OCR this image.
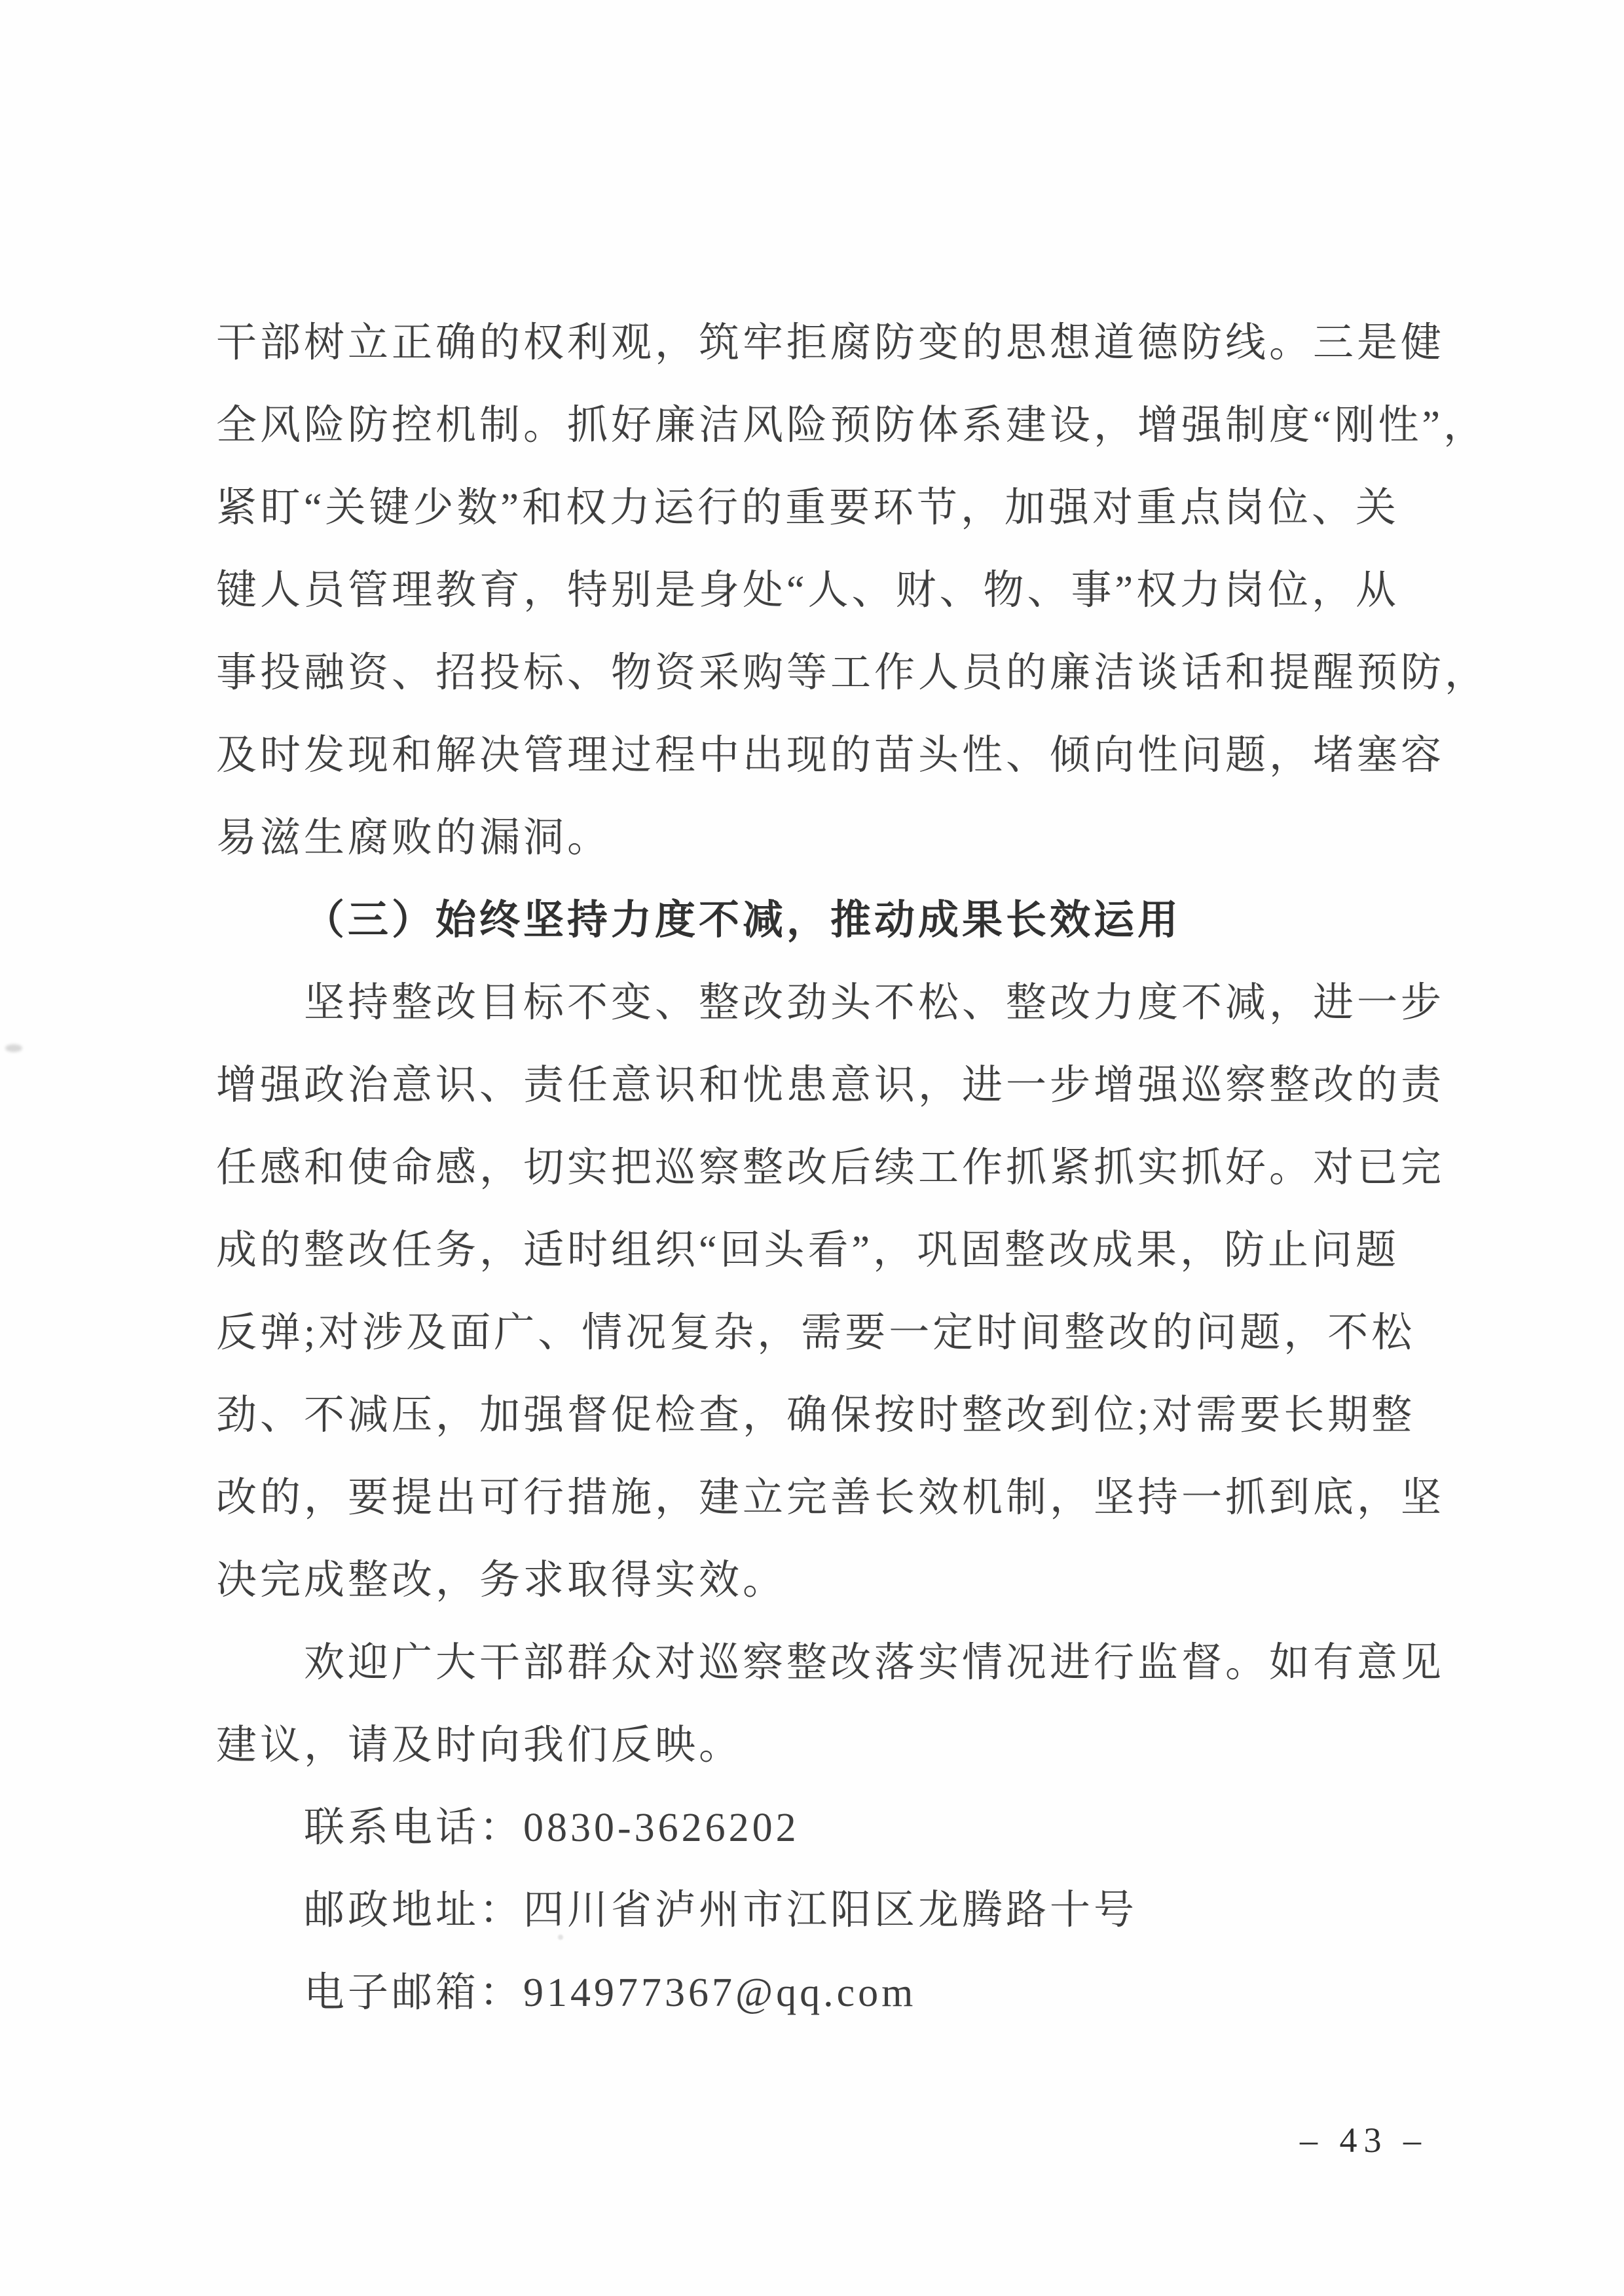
干部树立正确的权利观，筑牢拒腐防变的思想道德防线。三是健
全风险防控机制。抓好廉洁风险预防体系建设，增强制度“刚性”，
紧盯“关键少数”和权力运行的重要环节，加强对重点岗位、关
键人员管理教育，特别是身处“人、财、物、事”权力岗位，从
事投融资、招投标、物资采购等工作人员的廉洁谈话和提醒预防，
及时发现和解决管理过程中出现的苗头性、倾向性问题，堵塞容
易滋生腐败的漏洞。
（三）始终坚持力度不减，推动成果长效运用
坚持整改目标不变、整改劲头不松、整改力度不减，进一步
增强政治意识、责任意识和忧患意识，进一步增强巡察整改的责
任感和使命感，切实把巡察整改后续工作抓紧抓实抓好。对已完
成的整改任务，适时组织“回头看”，巩固整改成果，防止问题
反弹;对涉及面广、情况复杂，需要一定时间整改的问题，不松
劲、不减压，加强督促检查，确保按时整改到位;对需要长期整
改的，要提出可行措施，建立完善长效机制，坚持一抓到底，坚
决完成整改，务求取得实效。
欢迎广大干部群众对巡察整改落实情况进行监督。如有意见
建议，请及时向我们反映。
联系电话：0830-3626202
邮政地址：四川省泸州市江阳区龙腾路十号
电子邮箱：914977367@qq.com
– 43 –
